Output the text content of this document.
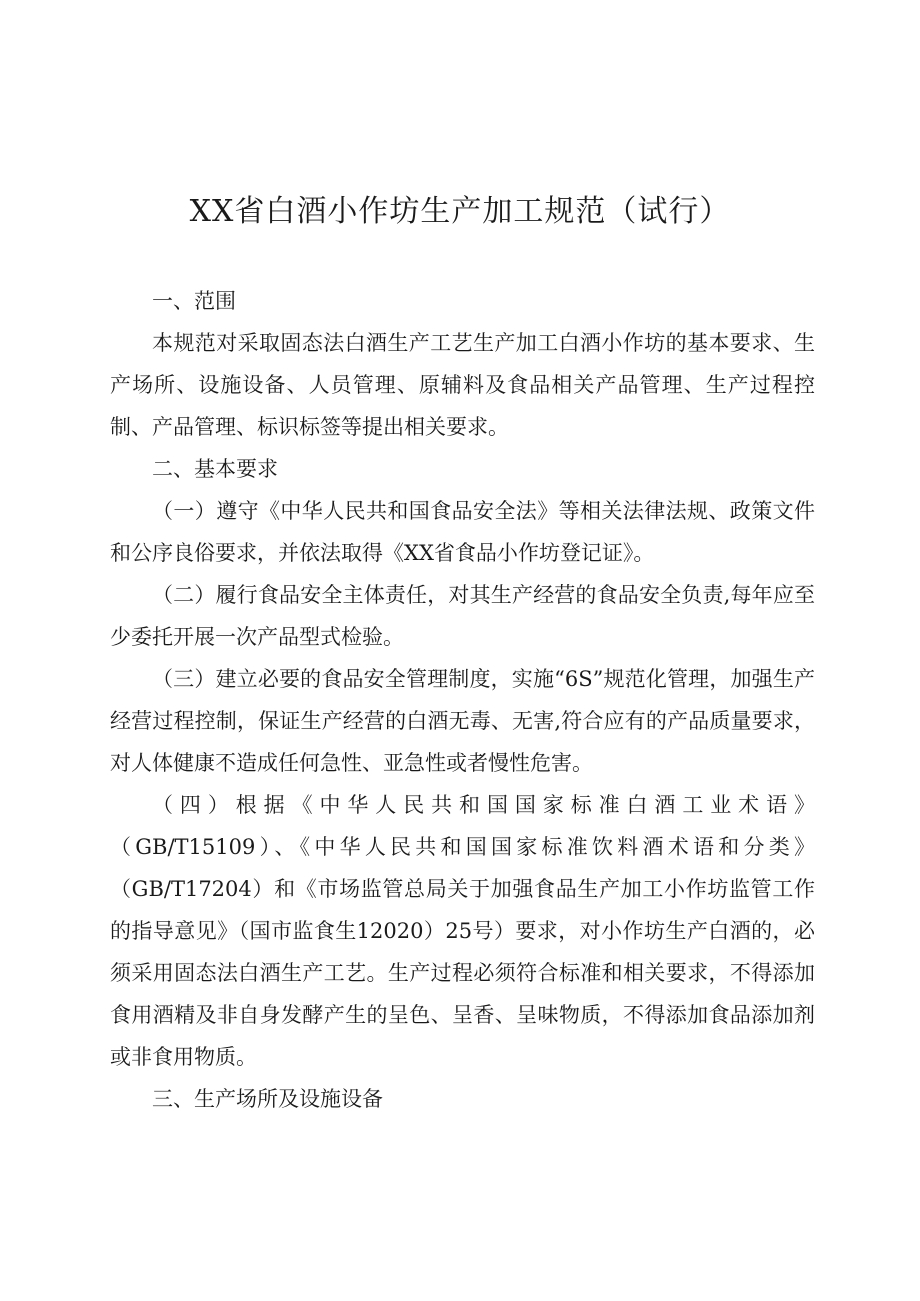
XX省白酒小作坊生产加工规范（试行）

一、范围

本规范对采取固态法白酒生产工艺生产加工白酒小作坊的基本要求、生产场所、设施设备、人员管理、原辅料及食品相关产品管理、生产过程控制、产品管理、标识标签等提出相关要求。

二、基本要求

（一）遵守《中华人民共和国食品安全法》等相关法律法规、政策文件和公序良俗要求，并依法取得《XX省食品小作坊登记证》。

（二）履行食品安全主体责任，对其生产经营的食品安全负责,每年应至少委托开展一次产品型式检验。

（三）建立必要的食品安全管理制度，实施“6S”规范化管理，加强生产经营过程控制，保证生产经营的白酒无毒、无害,符合应有的产品质量要求，对人体健康不造成任何急性、亚急性或者慢性危害。

（四）根据《中华人民共和国国家标准白酒工业术语》（GB/T15109）、《中华人民共和国国家标准饮料酒术语和分类》（GB/T17204）和《市场监管总局关于加强食品生产加工小作坊监管工作的指导意见》（国市监食生12020）25号）要求，对小作坊生产白酒的，必须采用固态法白酒生产工艺。生产过程必须符合标准和相关要求，不得添加食用酒精及非自身发酵产生的呈色、呈香、呈味物质，不得添加食品添加剂或非食用物质。

三、生产场所及设施设备
